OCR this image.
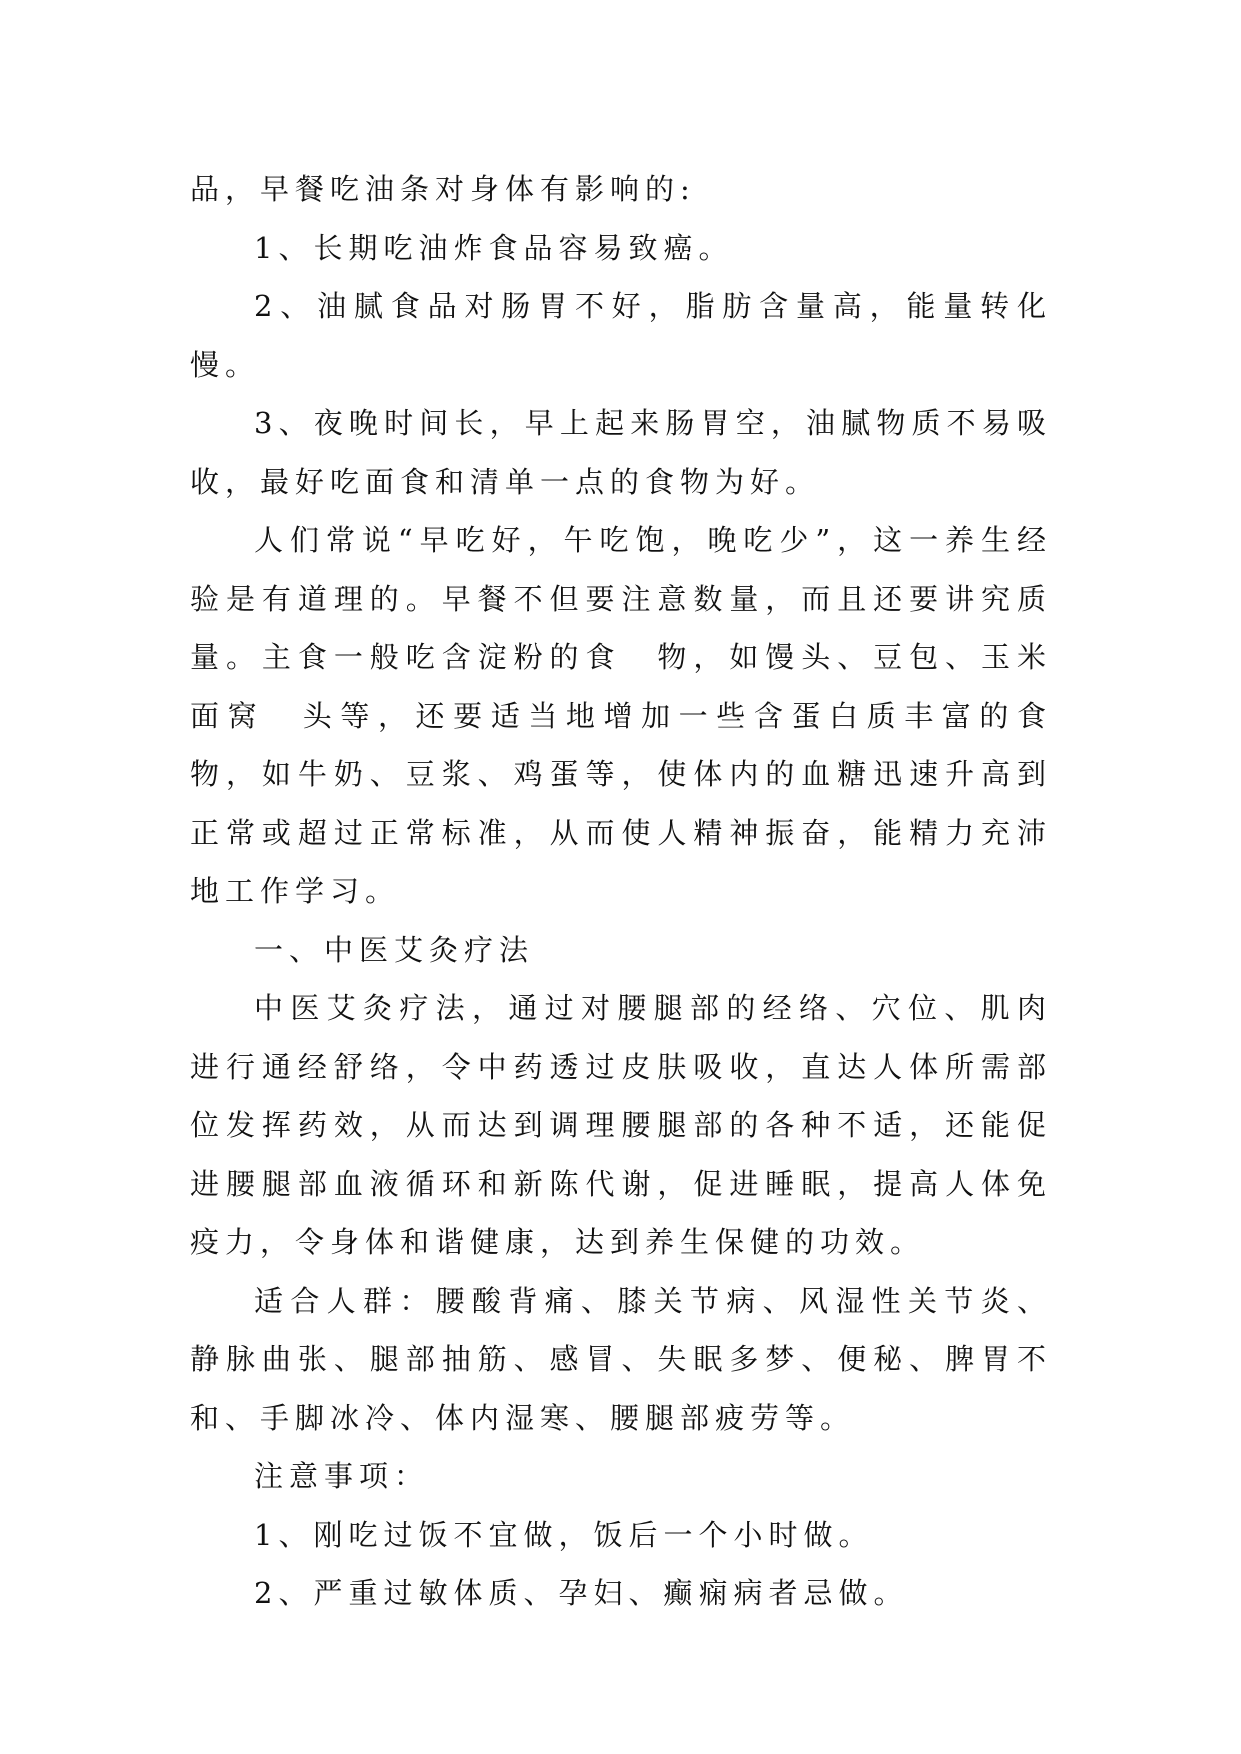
品，早餐吃油条对身体有影响的:

1、长期吃油炸食品容易致癌。

2、油腻食品对肠胃不好，脂肪含量高，能量转化慢。

3、夜晚时间长，早上起来肠胃空，油腻物质不易吸收，最好吃面食和清单一点的食物为好。

人们常说“早吃好，午吃饱，晚吃少”，这一养生经验是有道理的。早餐不但要注意数量，而且还要讲究质量。主食一般吃含淀粉的食　物，如馒头、豆包、玉米面窝　头等，还要适当地增加一些含蛋白质丰富的食物，如牛奶、豆浆、鸡蛋等，使体内的血糖迅速升高到正常或超过正常标准，从而使人精神振奋，能精力充沛地工作学习。

一、中医艾灸疗法

中医艾灸疗法，通过对腰腿部的经络、穴位、肌肉进行通经舒络，令中药透过皮肤吸收，直达人体所需部位发挥药效，从而达到调理腰腿部的各种不适，还能促进腰腿部血液循环和新陈代谢，促进睡眠，提高人体免疫力，令身体和谐健康，达到养生保健的功效。

适合人群：腰酸背痛、膝关节病、风湿性关节炎、静脉曲张、腿部抽筋、感冒、失眠多梦、便秘、脾胃不和、手脚冰冷、体内湿寒、腰腿部疲劳等。

注意事项：

1、刚吃过饭不宜做，饭后一个小时做。

2、严重过敏体质、孕妇、癫痫病者忌做。
